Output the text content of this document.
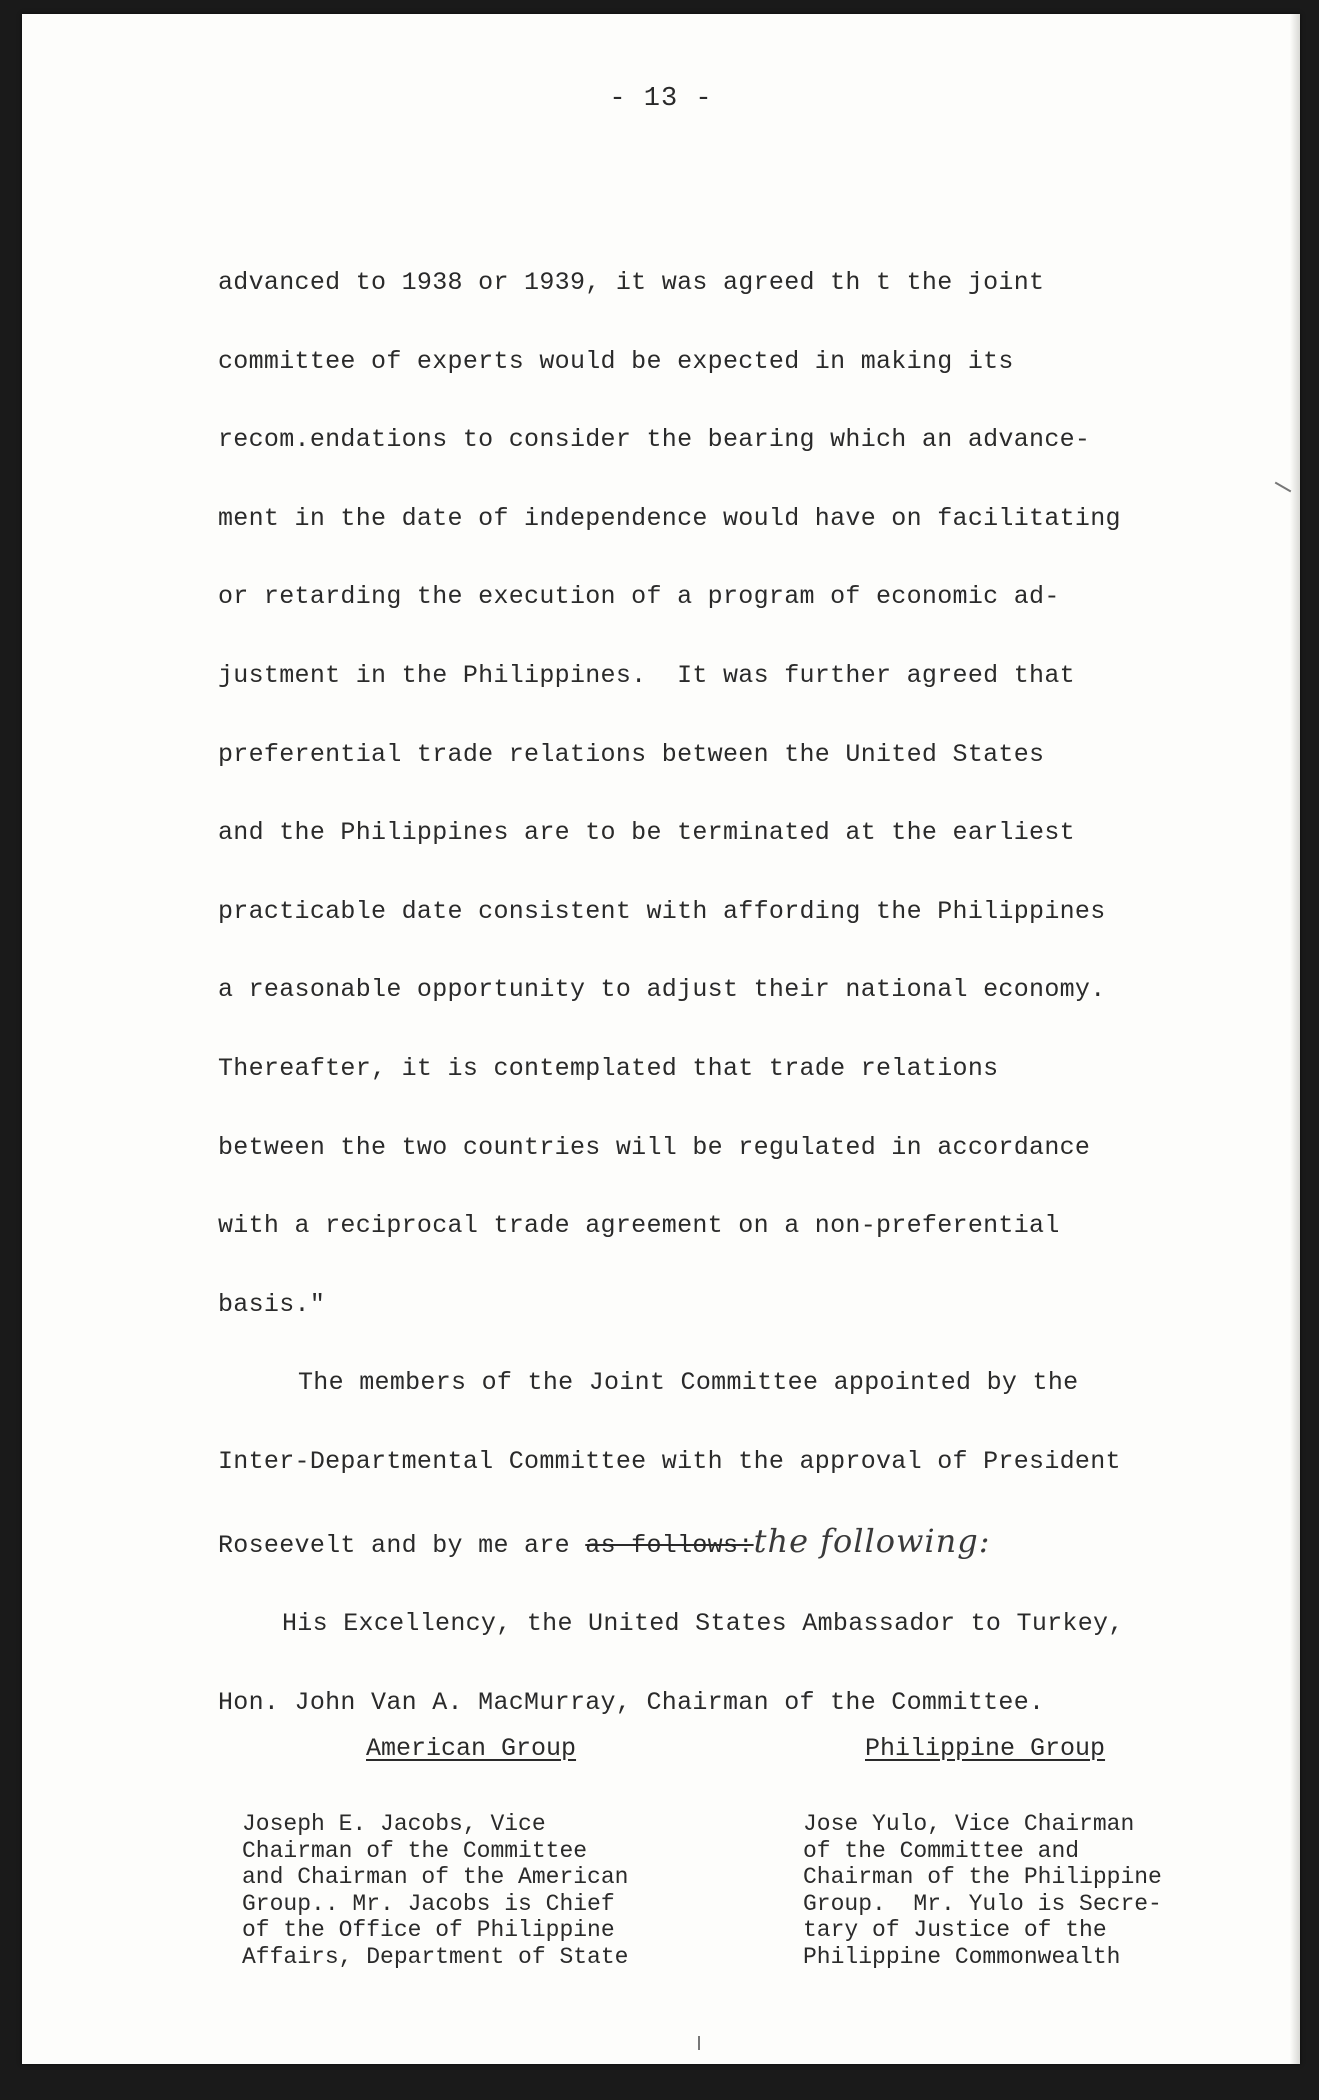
- 13 -
advanced to 1938 or 1939, it was agreed th t the joint
committee of experts would be expected in making its
recom.endations to consider the bearing which an advance-
ment in the date of independence would have on facilitating
or retarding the execution of a program of economic ad-
justment in the Philippines.  It was further agreed that
preferential trade relations between the United States
and the Philippines are to be terminated at the earliest
practicable date consistent with affording the Philippines
a reasonable opportunity to adjust their national economy.
Thereafter, it is contemplated that trade relations
between the two countries will be regulated in accordance
with a reciprocal trade agreement on a non-preferential
basis."
The members of the Joint Committee appointed by the
Inter-Departmental Committee with the approval of President
Roseevelt and by me are as follows:the following:
His Excellency, the United States Ambassador to Turkey,
Hon. John Van A. MacMurray, Chairman of the Committee.
American Group
Joseph E. Jacobs, Vice
Chairman of the Committee
and Chairman of the American
Group.. Mr. Jacobs is Chief
of the Office of Philippine
Affairs, Department of State
Philippine Group
Jose Yulo, Vice Chairman
of the Committee and
Chairman of the Philippine
Group.  Mr. Yulo is Secre-
tary of Justice of the
Philippine Commonwealth
